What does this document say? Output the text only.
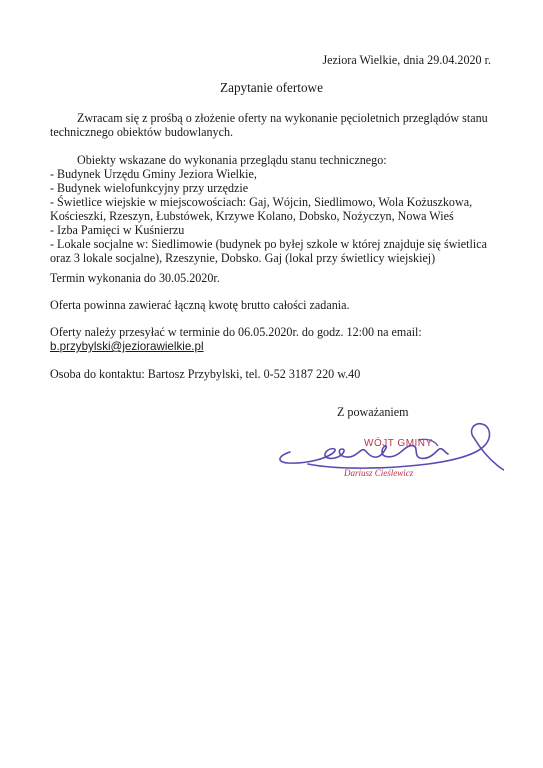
Jeziora Wielkie, dnia 29.04.2020 r.
Zapytanie ofertowe
Zwracam się z prośbą o złożenie oferty na wykonanie pęcioletnich przeglądów stanu
technicznego obiektów budowlanych.
Obiekty wskazane do wykonania przeglądu stanu technicznego:
- Budynek Urzędu Gminy Jeziora Wielkie,
- Budynek wielofunkcyjny przy urzędzie
- Świetlice wiejskie w miejscowościach: Gaj, Wójcin, Siedlimowo, Wola Kożuszkowa,
Kościeszki, Rzeszyn, Łubstówek, Krzywe Kolano, Dobsko, Nożyczyn, Nowa Wieś
- Izba Pamięci w Kuśnierzu
- Lokale socjalne w: Siedlimowie (budynek po byłej szkole w której znajduje się świetlica
oraz 3 lokale socjalne), Rzeszynie, Dobsko. Gaj (lokal przy świetlicy wiejskiej)
Termin wykonania do 30.05.2020r.
Oferta powinna zawierać łączną kwotę brutto całości zadania.
Oferty należy przesyłać w terminie do 06.05.2020r. do godz. 12:00 na email:
b.przybylski@jeziorawielkie.pl
Osoba do kontaktu: Bartosz Przybylski, tel. 0-52 3187 220 w.40
Z poważaniem
WÓJT GMINY
Dariusz Cieślewicz
